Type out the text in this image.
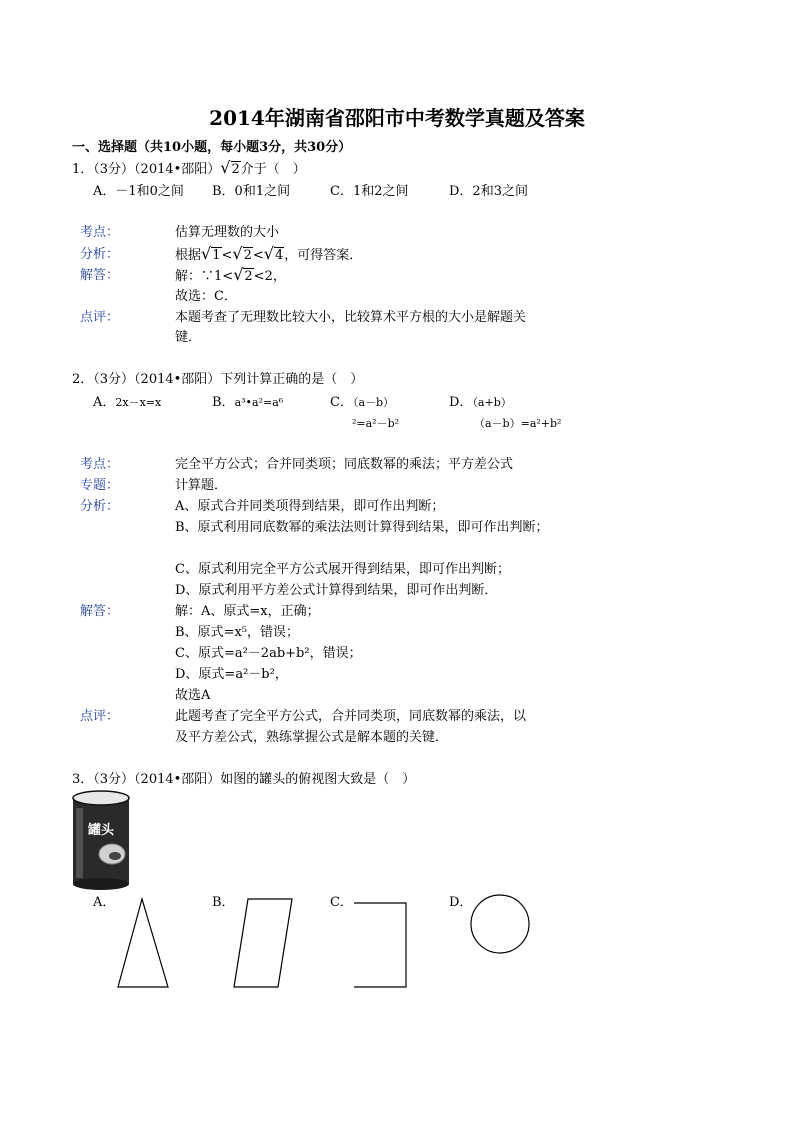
2014年湖南省邵阳市中考数学真题及答案
一、选择题（共10小题，每小题3分，共30分）
1．（3分）（2014•邵阳）√2介于（　）
A．－1和0之间 B．0和1之间	C．1和2之间	D．2和3之间
考点：	估算无理数的大小
分析：	根据√1<√2<√4，可得答案．
解答：	解：∵1<√2<2，
故选：C．
点评：	本题考查了无理数比较大小，比较算术平方根的大小是解题关
键．
2．（3分）（2014•邵阳）下列计算正确的是（　）
A．2x－x=x	B．a³•a²=a⁶	C．（a－b）
²=a²－b²
D．（a+b）
（a－b）=a²+b²
考点：	完全平方公式；合并同类项；同底数幂的乘法；平方差公式
专题：	计算题．
分析：	A、原式合并同类项得到结果，即可作出判断；
B、原式利用同底数幂的乘法法则计算得到结果，即可作出判断；
C、原式利用完全平方公式展开得到结果，即可作出判断；
D、原式利用平方差公式计算得到结果，即可作出判断．
解答：	解：A、原式=x，正确；
B、原式=x⁵，错误；
C、原式=a²－2ab+b²，错误；
D、原式=a²－b²，
故选A
点评：	此题考查了完全平方公式，合并同类项，同底数幂的乘法，以
及平方差公式，熟练掌握公式是解本题的关键．
3．（3分）（2014•邵阳）如图的罐头的俯视图大致是（　）
罐头
A．	B．	C．	D．
